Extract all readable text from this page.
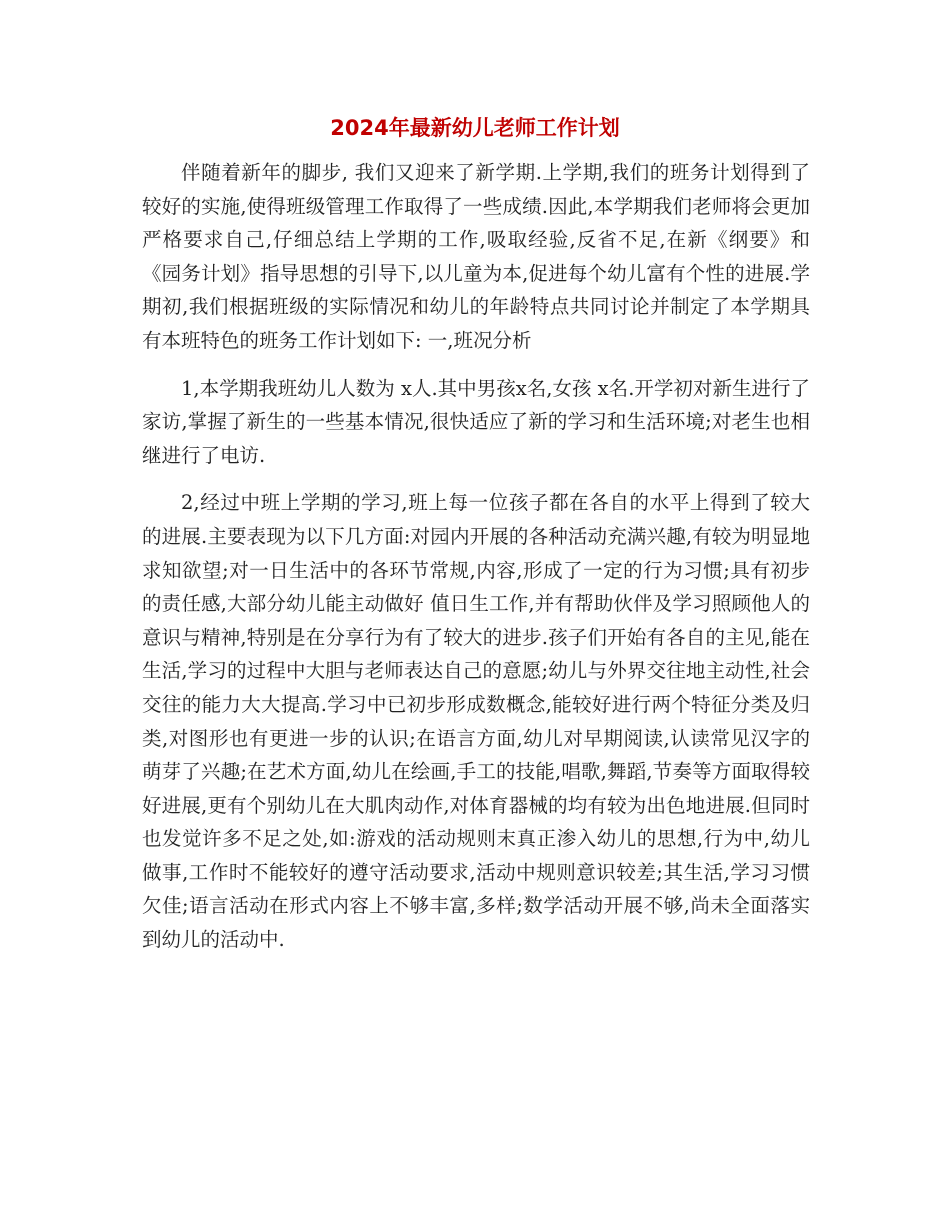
2024年最新幼儿老师工作计划

伴随着新年的脚步, 我们又迎来了新学期.上学期,我们的班务计划得到了较好的实施,使得班级管理工作取得了一些成绩.因此,本学期我们老师将会更加严格要求自己,仔细总结上学期的工作,吸取经验,反省不足,在新《纲要》和《园务计划》指导思想的引导下,以儿童为本,促进每个幼儿富有个性的进展.学期初,我们根据班级的实际情况和幼儿的年龄特点共同讨论并制定了本学期具有本班特色的班务工作计划如下: 一,班况分析

1,本学期我班幼儿人数为 x人.其中男孩x名,女孩 x名.开学初对新生进行了家访,掌握了新生的一些基本情况,很快适应了新的学习和生活环境;对老生也相继进行了电访.

2,经过中班上学期的学习,班上每一位孩子都在各自的水平上得到了较大的进展.主要表现为以下几方面:对园内开展的各种活动充满兴趣,有较为明显地求知欲望;对一日生活中的各环节常规,内容,形成了一定的行为习惯;具有初步的责任感,大部分幼儿能主动做好 值日生工作,并有帮助伙伴及学习照顾他人的意识与精神,特别是在分享行为有了较大的进步.孩子们开始有各自的主见,能在生活,学习的过程中大胆与老师表达自己的意愿;幼儿与外界交往地主动性,社会交往的能力大大提高.学习中已初步形成数概念,能较好进行两个特征分类及归类,对图形也有更进一步的认识;在语言方面,幼儿对早期阅读,认读常见汉字的萌芽了兴趣;在艺术方面,幼儿在绘画,手工的技能,唱歌,舞蹈,节奏等方面取得较好进展,更有个别幼儿在大肌肉动作,对体育器械的均有较为出色地进展.但同时也发觉许多不足之处,如:游戏的活动规则末真正渗入幼儿的思想,行为中,幼儿做事,工作时不能较好的遵守活动要求,活动中规则意识较差;其生活,学习习惯欠佳;语言活动在形式内容上不够丰富,多样;数学活动开展不够,尚未全面落实到幼儿的活动中.
